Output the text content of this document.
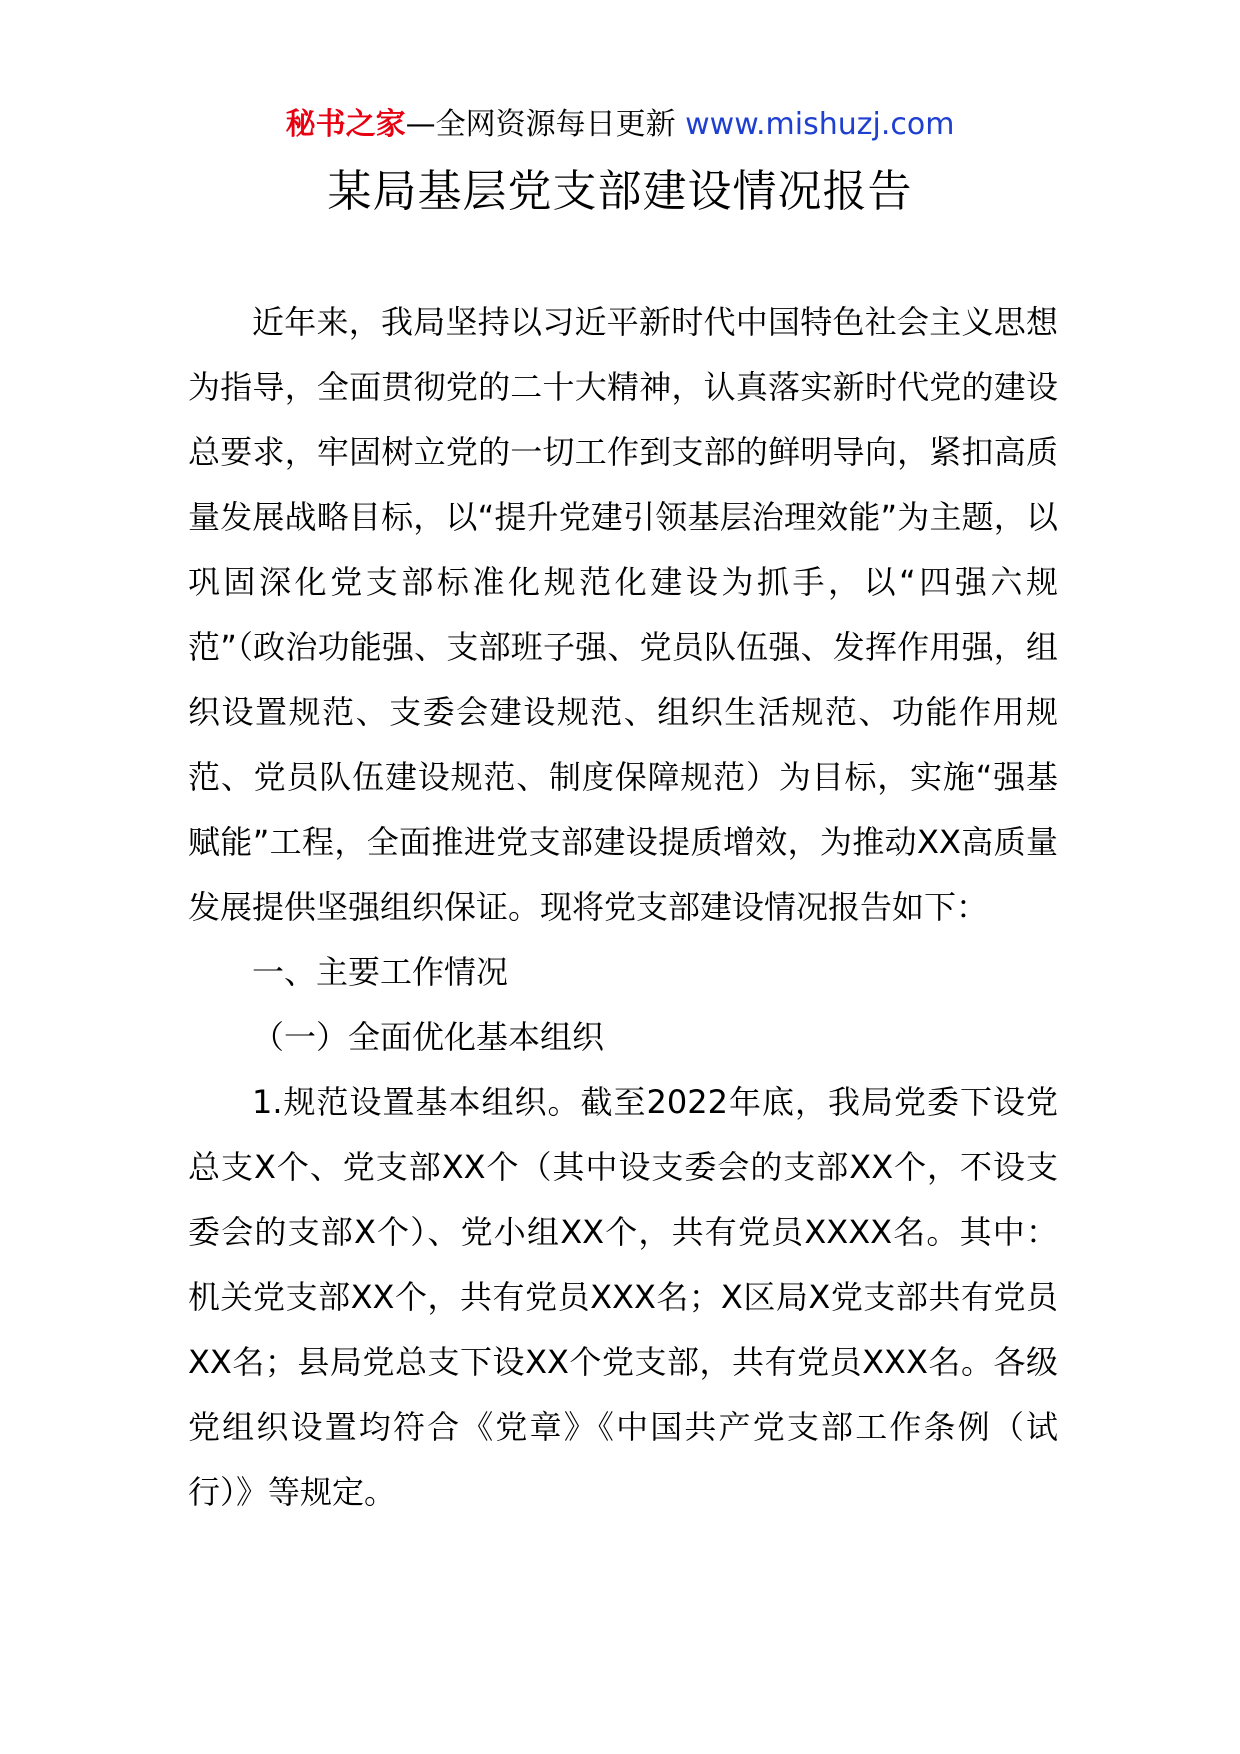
秘书之家—全网资源每日更新 www.mishuzj.com
某局基层党支部建设情况报告

近年来，我局坚持以习近平新时代中国特色社会主义思想为指导，全面贯彻党的二十大精神，认真落实新时代党的建设总要求，牢固树立党的一切工作到支部的鲜明导向，紧扣高质量发展战略目标，以“提升党建引领基层治理效能”为主题，以巩固深化党支部标准化规范化建设为抓手，以“四强六规范”（政治功能强、支部班子强、党员队伍强、发挥作用强，组织设置规范、支委会建设规范、组织生活规范、功能作用规范、党员队伍建设规范、制度保障规范）为目标，实施“强基赋能”工程，全面推进党支部建设提质增效，为推动XX高质量发展提供坚强组织保证。现将党支部建设情况报告如下：

一、主要工作情况

（一）全面优化基本组织

1.规范设置基本组织。截至2022年底，我局党委下设党总支X个、党支部XX个（其中设支委会的支部XX个，不设支委会的支部X个）、党小组XX个，共有党员XXXX名。其中：机关党支部XX个，共有党员XXX名；X区局X党支部共有党员XX名；县局党总支下设XX个党支部，共有党员XXX名。各级党组织设置均符合《党章》《中国共产党支部工作条例（试行）》等规定。
